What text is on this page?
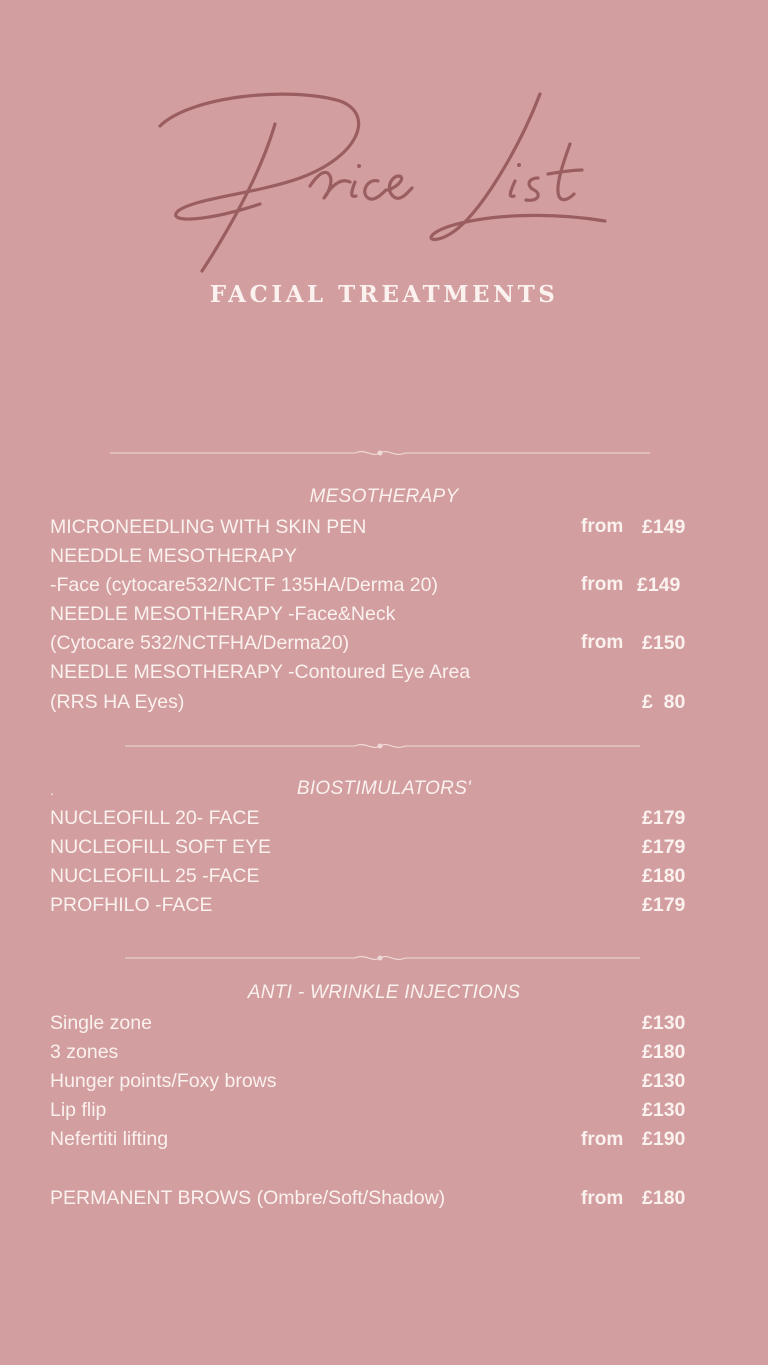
FACIAL TREATMENTS
MESOTHERAPY
MICRONEEDLING WITH SKIN PEN	from £149
NEEDDLE MESOTHERAPY
-Face (cytocare532/NCTF 135HA/Derma 20)	from £149
NEEDLE MESOTHERAPY -Face&Neck
(Cytocare 532/NCTFHA/Derma20)	from £150
NEEDLE MESOTHERAPY -Contoured Eye Area
(RRS HA Eyes)	£  80
.	BIOSTIMULATORS'
NUCLEOFILL 20- FACE	£179
NUCLEOFILL SOFT EYE	£179
NUCLEOFILL 25 -FACE	£180
PROFHILO -FACE	£179
ANTI - WRINKLE INJECTIONS
Single zone	£130
3 zones	£180
Hunger points/Foxy brows	£130
Lip flip	£130
Nefertiti lifting	from £190
PERMANENT BROWS (Ombre/Soft/Shadow)	from £180
